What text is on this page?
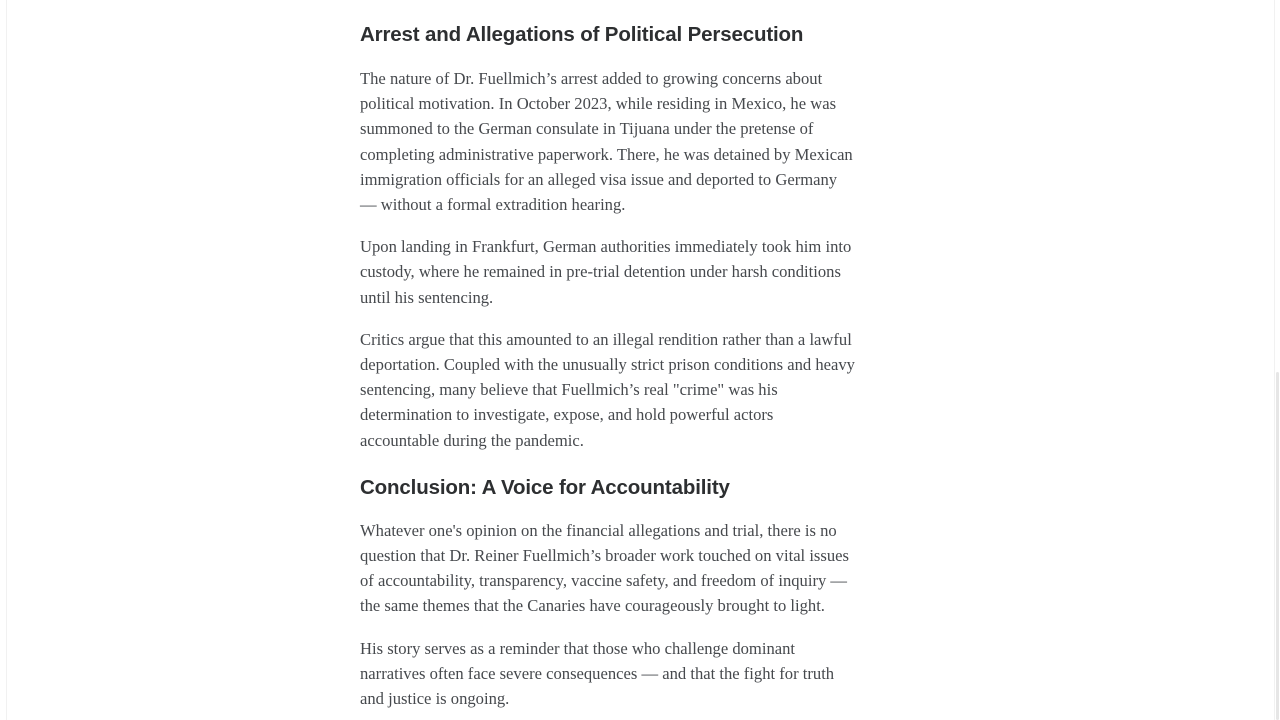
Arrest and Allegations of Political Persecution

The nature of Dr. Fuellmich’s arrest added to growing concerns about political motivation. In October 2023, while residing in Mexico, he was summoned to the German consulate in Tijuana under the pretense of completing administrative paperwork. There, he was detained by Mexican immigration officials for an alleged visa issue and deported to Germany — without a formal extradition hearing.

Upon landing in Frankfurt, German authorities immediately took him into custody, where he remained in pre-trial detention under harsh conditions until his sentencing.

Critics argue that this amounted to an illegal rendition rather than a lawful deportation. Coupled with the unusually strict prison conditions and heavy sentencing, many believe that Fuellmich’s real "crime" was his determination to investigate, expose, and hold powerful actors accountable during the pandemic.

Conclusion: A Voice for Accountability

Whatever one's opinion on the financial allegations and trial, there is no question that Dr. Reiner Fuellmich’s broader work touched on vital issues of accountability, transparency, vaccine safety, and freedom of inquiry — the same themes that the Canaries have courageously brought to light.

His story serves as a reminder that those who challenge dominant narratives often face severe consequences — and that the fight for truth and justice is ongoing.
